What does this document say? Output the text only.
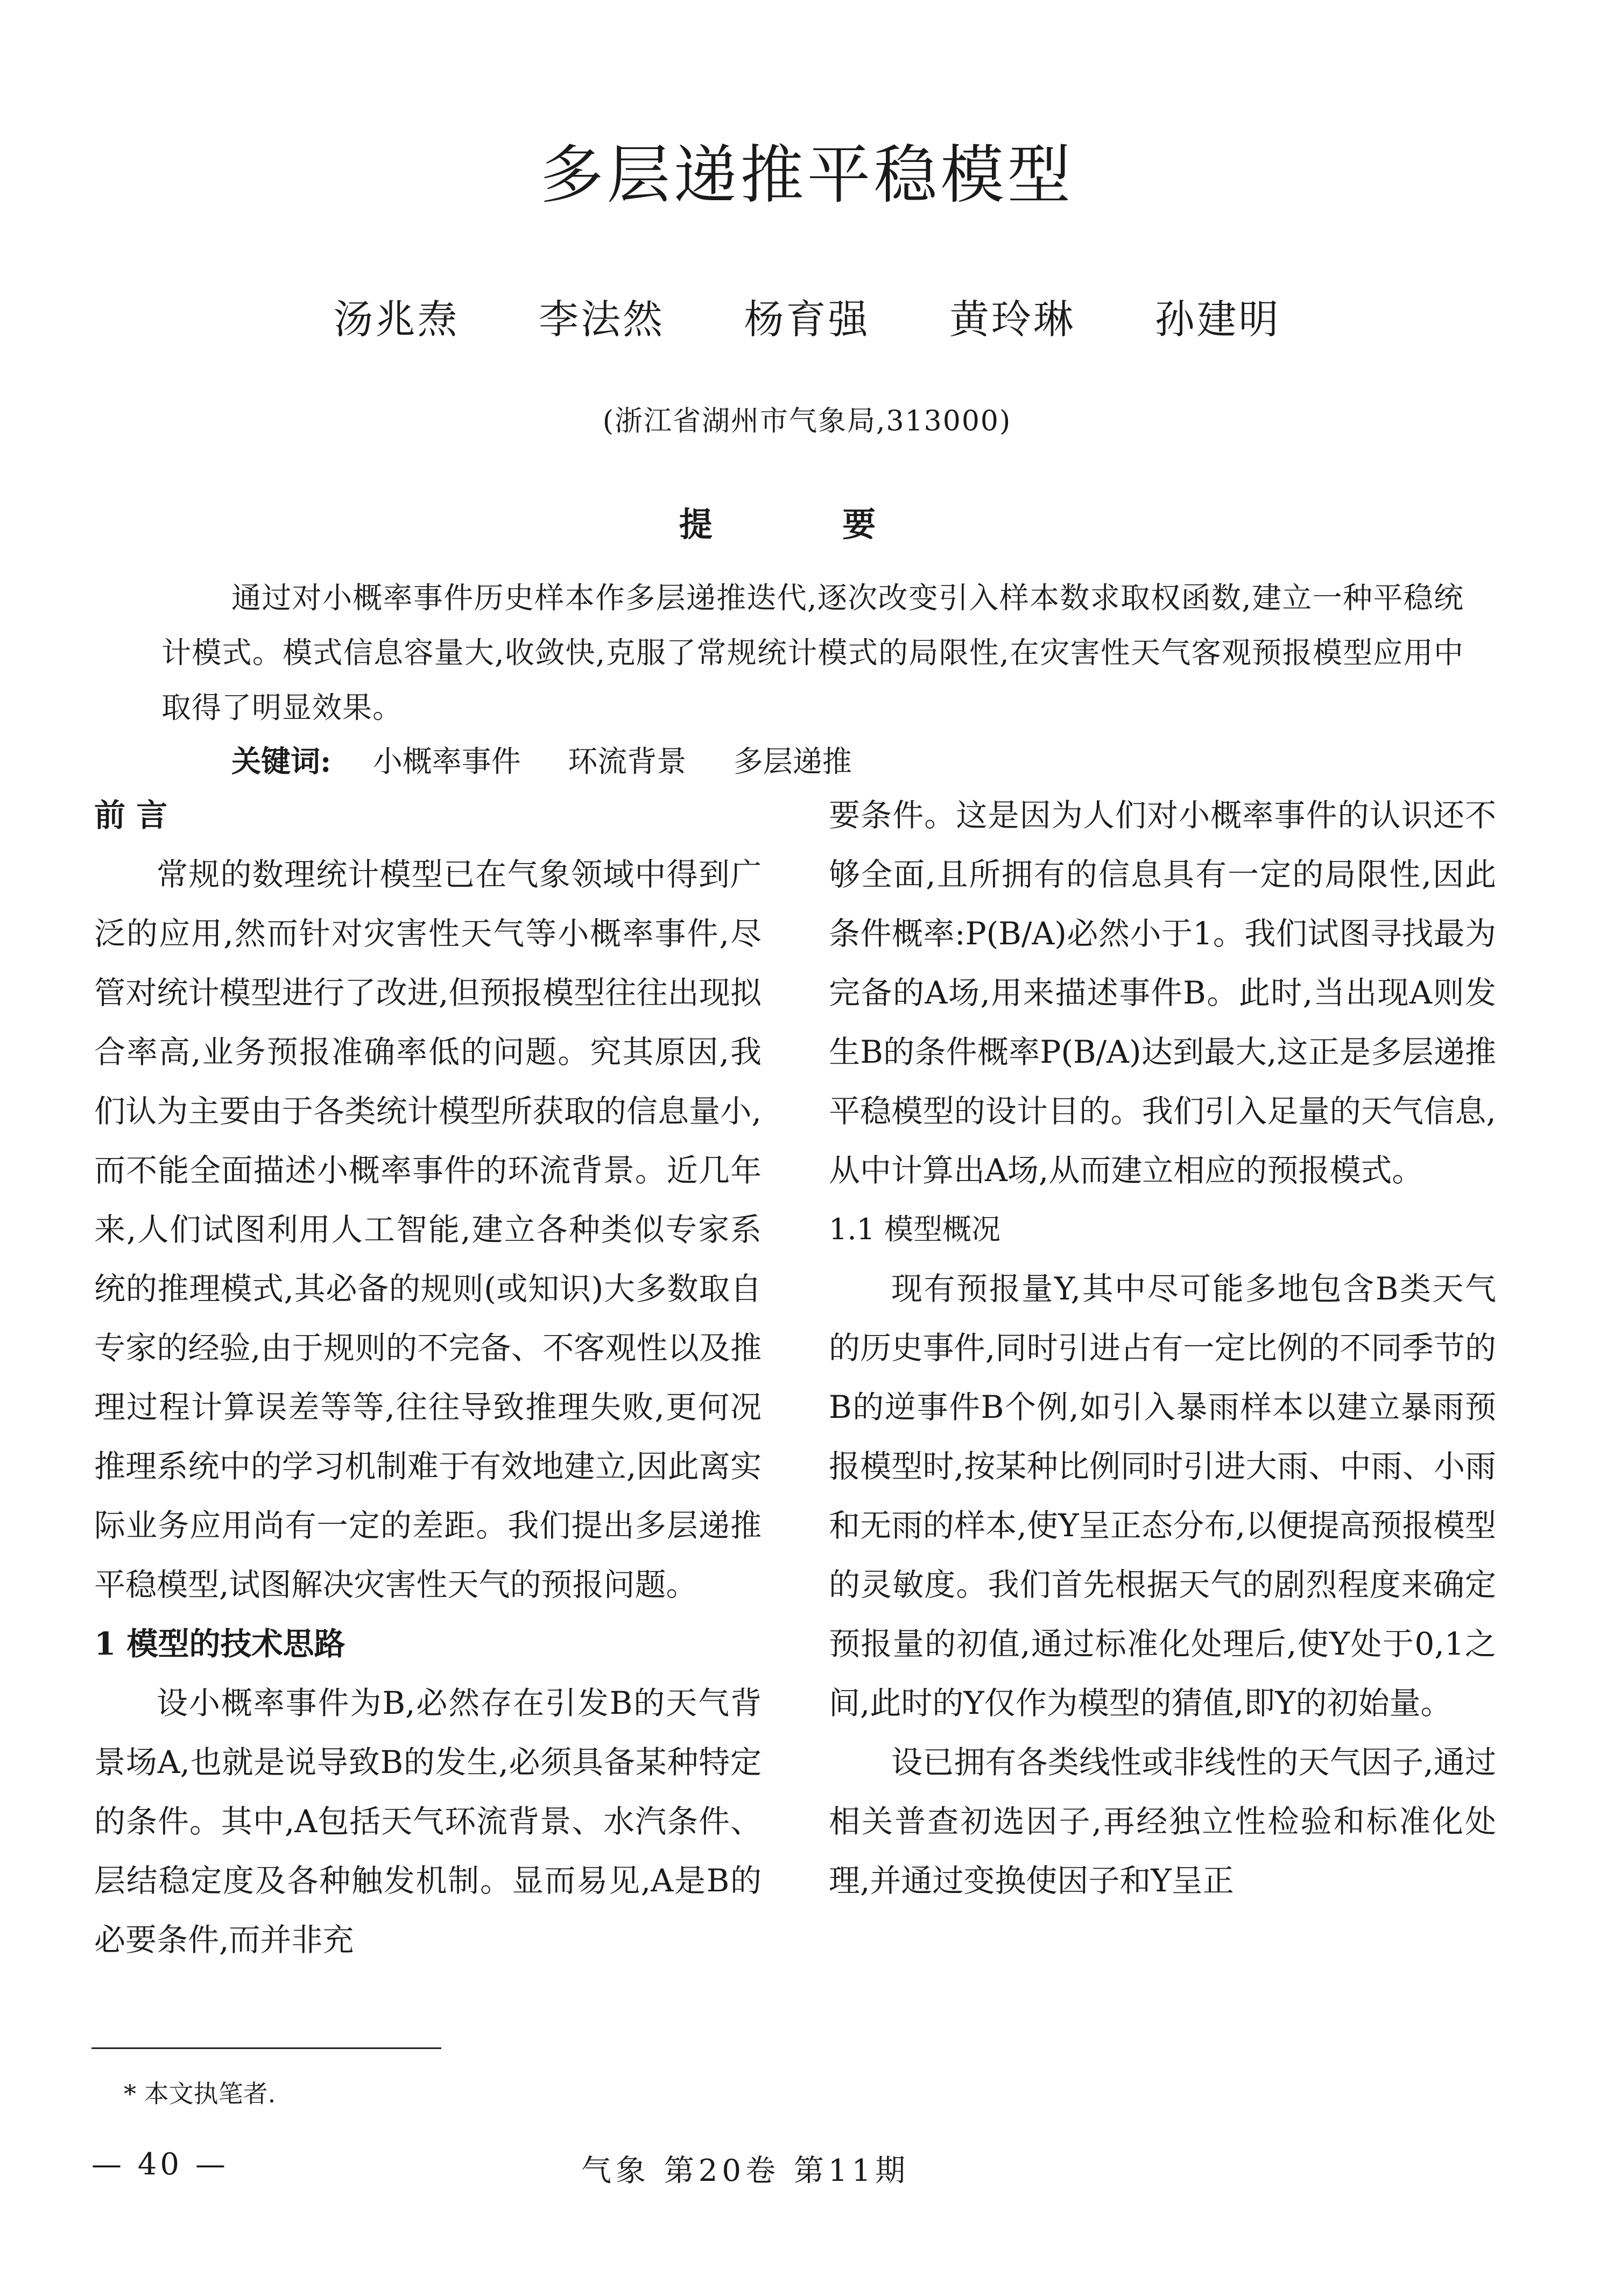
多层递推平稳模型
汤兆焘 李法然 杨育强 黄玲琳 孙建明
(浙江省湖州市气象局,313000)
提 要
通过对小概率事件历史样本作多层递推迭代,逐次改变引入样本数求取权函数,建立一种平稳统计模式。模式信息容量大,收敛快,克服了常规统计模式的局限性,在灾害性天气客观预报模型应用中取得了明显效果。
关键词: 小概率事件 环流背景 多层递推

前 言

常规的数理统计模型已在气象领域中得到广泛的应用,然而针对灾害性天气等小概率事件,尽管对统计模型进行了改进,但预报模型往往出现拟合率高,业务预报准确率低的问题。究其原因,我们认为主要由于各类统计模型所获取的信息量小,而不能全面描述小概率事件的环流背景。近几年来,人们试图利用人工智能,建立各种类似专家系统的推理模式,其必备的规则(或知识)大多数取自专家的经验,由于规则的不完备、不客观性以及推理过程计算误差等等,往往导致推理失败,更何况推理系统中的学习机制难于有效地建立,因此离实际业务应用尚有一定的差距。我们提出多层递推平稳模型,试图解决灾害性天气的预报问题。

1 模型的技术思路

设小概率事件为B,必然存在引发B的天气背景场A,也就是说导致B的发生,必须具备某种特定的条件。其中,A包括天气环流背景、水汽条件、层结稳定度及各种触发机制。显而易见,A是B的必要条件,而并非充

要条件。这是因为人们对小概率事件的认识还不够全面,且所拥有的信息具有一定的局限性,因此条件概率:P(B/A)必然小于1。我们试图寻找最为完备的A场,用来描述事件B。此时,当出现A则发生B的条件概率P(B/A)达到最大,这正是多层递推平稳模型的设计目的。我们引入足量的天气信息,从中计算出A场,从而建立相应的预报模式。

1.1 模型概况

现有预报量Y,其中尽可能多地包含B类天气的历史事件,同时引进占有一定比例的不同季节的B的逆事件B个例,如引入暴雨样本以建立暴雨预报模型时,按某种比例同时引进大雨、中雨、小雨和无雨的样本,使Y呈正态分布,以便提高预报模型的灵敏度。我们首先根据天气的剧烈程度来确定预报量的初值,通过标准化处理后,使Y处于0,1之间,此时的Y仅作为模型的猜值,即Y的初始量。

设已拥有各类线性或非线性的天气因子,通过相关普查初选因子,再经独立性检验和标准化处理,并通过变换使因子和Y呈正

* 本文执笔者.
— 40 —	气象 第20卷 第11期
